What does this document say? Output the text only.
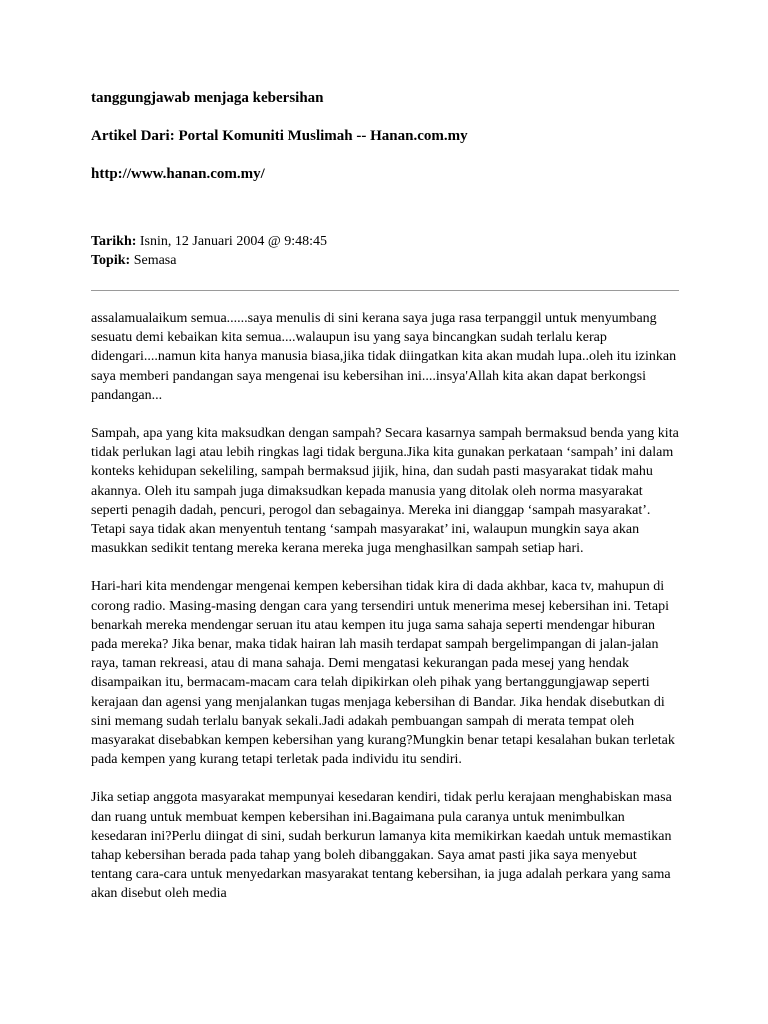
tanggungjawab menjaga kebersihan

Artikel Dari: Portal Komuniti Muslimah -- Hanan.com.my

http://www.hanan.com.my/

Tarikh: Isnin, 12 Januari 2004 @ 9:48:45
Topik: Semasa

assalamualaikum semua......saya menulis di sini kerana saya juga rasa terpanggil untuk menyumbang sesuatu demi kebaikan kita semua....walaupun isu yang saya bincangkan sudah terlalu kerap didengari....namun kita hanya manusia biasa,jika tidak diingatkan kita akan mudah lupa..oleh itu izinkan saya memberi pandangan saya mengenai isu kebersihan ini....insya'Allah kita akan dapat berkongsi pandangan...

Sampah, apa yang kita maksudkan dengan sampah? Secara kasarnya sampah bermaksud benda yang kita tidak perlukan lagi atau lebih ringkas lagi tidak berguna.Jika kita gunakan perkataan ‘sampah’ ini dalam konteks kehidupan sekeliling, sampah bermaksud jijik, hina, dan sudah pasti masyarakat tidak mahu akannya. Oleh itu sampah juga dimaksudkan kepada manusia yang ditolak oleh norma masyarakat seperti penagih dadah, pencuri, perogol dan sebagainya. Mereka ini dianggap ‘sampah masyarakat’. Tetapi saya tidak akan menyentuh tentang ‘sampah masyarakat’ ini, walaupun mungkin saya akan masukkan sedikit tentang mereka kerana mereka juga menghasilkan sampah setiap hari.

Hari-hari kita mendengar mengenai kempen kebersihan tidak kira di dada akhbar, kaca tv, mahupun di corong radio. Masing-masing dengan cara yang tersendiri untuk menerima mesej kebersihan ini. Tetapi benarkah mereka mendengar seruan itu atau kempen itu juga sama sahaja seperti mendengar hiburan pada mereka? Jika benar, maka tidak hairan lah masih terdapat sampah bergelimpangan di jalan-jalan raya, taman rekreasi, atau di mana sahaja. Demi mengatasi kekurangan pada mesej yang hendak disampaikan itu, bermacam-macam cara telah dipikirkan oleh pihak yang bertanggungjawap seperti kerajaan dan agensi yang menjalankan tugas menjaga kebersihan di Bandar. Jika hendak disebutkan di sini memang sudah terlalu banyak sekali.Jadi adakah pembuangan sampah di merata tempat oleh masyarakat disebabkan kempen kebersihan yang kurang?Mungkin benar tetapi kesalahan bukan terletak pada kempen yang kurang tetapi terletak pada individu itu sendiri.

Jika setiap anggota masyarakat mempunyai kesedaran kendiri, tidak perlu kerajaan menghabiskan masa dan ruang untuk membuat kempen kebersihan ini.Bagaimana pula caranya untuk menimbulkan kesedaran ini?Perlu diingat di sini, sudah berkurun lamanya kita memikirkan kaedah untuk memastikan tahap kebersihan berada pada tahap yang boleh dibanggakan. Saya amat pasti jika saya menyebut tentang cara-cara untuk menyedarkan masyarakat tentang kebersihan, ia juga adalah perkara yang sama akan disebut oleh media
